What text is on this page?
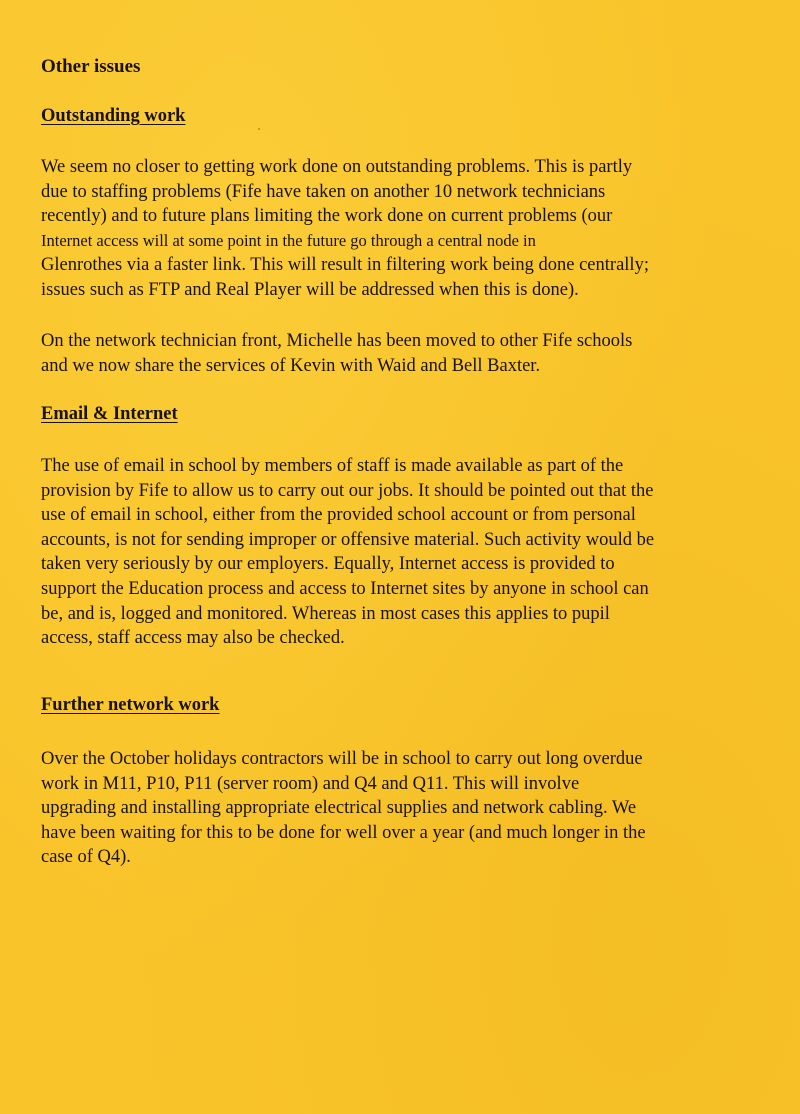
Other issues
Outstanding work

We seem no closer to getting work done on outstanding problems. This is partly
due to staffing problems (Fife have taken on another 10 network technicians
recently) and to future plans limiting the work done on current problems (our
Internet access will at some point in the future go through a central node in
Glenrothes via a faster link. This will result in filtering work being done centrally;
issues such as FTP and Real Player will be addressed when this is done).

On the network technician front, Michelle has been moved to other Fife schools
and we now share the services of Kevin with Waid and Bell Baxter.

Email & Internet

The use of email in school by members of staff is made available as part of the
provision by Fife to allow us to carry out our jobs. It should be pointed out that the
use of email in school, either from the provided school account or from personal
accounts, is not for sending improper or offensive material. Such activity would be
taken very seriously by our employers. Equally, Internet access is provided to
support the Education process and access to Internet sites by anyone in school can
be, and is, logged and monitored. Whereas in most cases this applies to pupil
access, staff access may also be checked.

Further network work

Over the October holidays contractors will be in school to carry out long overdue
work in M11, P10, P11 (server room) and Q4 and Q11. This will involve
upgrading and installing appropriate electrical supplies and network cabling. We
have been waiting for this to be done for well over a year (and much longer in the
case of Q4).
